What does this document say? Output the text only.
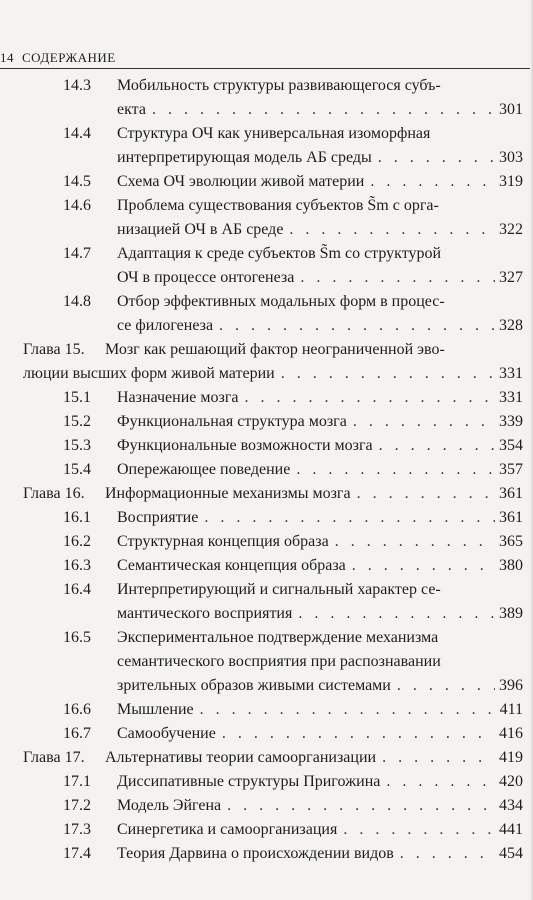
14 СОДЕРЖАНИЕ
14.3 Мобильность структуры развивающегося субъ-
екта . . .	301
14.4 Структура ОЧ как универсальная изоморфная
интерпретирующая модель АБ среды . . .	303
14.5 Схема ОЧ эволюции живой материи . . .	319
14.6 Проблема существования субъектов S̃m с орга-
низацией ОЧ в АБ среде . . .	322
14.7 Адаптация к среде субъектов S̃m со структурой
ОЧ в процессе онтогенеза . . .	327
14.8 Отбор эффективных модальных форм в процес-
се филогенеза . . .	328
Глава 15.	Мозг как решающий фактор неограниченной эво-
люции высших форм живой материи . . .	331
15.1 Назначение мозга . . .	331
15.2 Функциональная структура мозга . . .	339
15.3 Функциональные возможности мозга . . .	354
15.4 Опережающее поведение . . .	357
Глава 16. Информационные механизмы мозга . . .	361
16.1 Восприятие . . .	361
16.2 Структурная концепция образа . . .	365
16.3 Семантическая концепция образа . . .	380
16.4 Интерпретирующий и сигнальный характер се-
мантического восприятия . . .	389
16.5 Экспериментальное подтверждение механизма
семантического восприятия при распознавании
зрительных образов живыми системами . . .	396
16.6 Мышление . . .	411
16.7 Самообучение . . .	416
Глава 17. Альтернативы теории самоорганизации . . .	419
17.1 Диссипативные структуры Пригожина . . .	420
17.2 Модель Эйгена . . .	434
17.3 Синергетика и самоорганизация . . .	441
17.4 Теория Дарвина о происхождении видов . . .	454
